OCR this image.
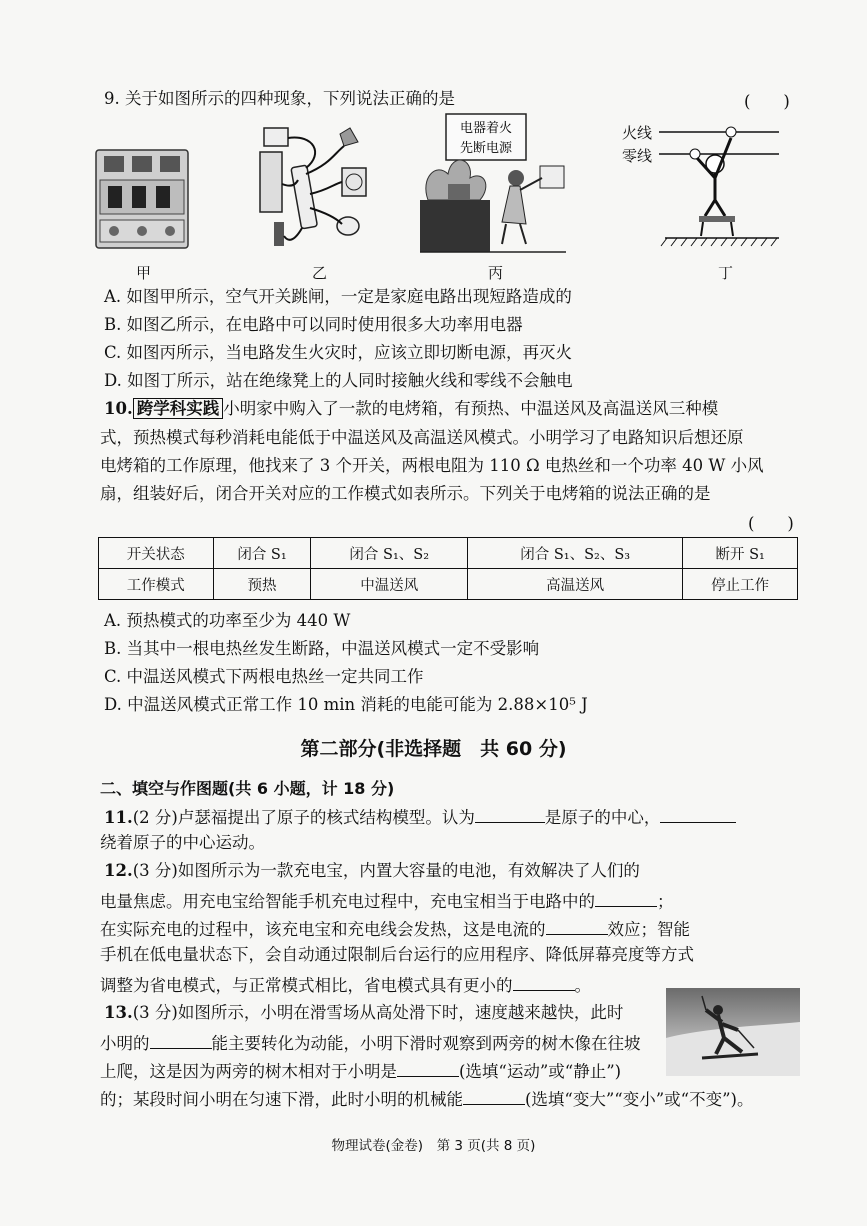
9. 关于如图所示的四种现象，下列说法正确的是	(　　)
甲	乙
电器着火
先断电源
丙
火线
零线
丁
A. 如图甲所示，空气开关跳闸，一定是家庭电路出现短路造成的
B. 如图乙所示，在电路中可以同时使用很多大功率用电器
C. 如图丙所示，当电路发生火灾时，应该立即切断电源，再灭火
D. 如图丁所示，站在绝缘凳上的人同时接触火线和零线不会触电
10. 跨学科实践 小明家中购入了一款的电烤箱，有预热、中温送风及高温送风三种模
式，预热模式每秒消耗电能低于中温送风及高温送风模式。小明学习了电路知识后想还原
电烤箱的工作原理，他找来了 3 个开关，两根电阻为 110 Ω 电热丝和一个功率 40 W 小风
扇，组装好后，闭合开关对应的工作模式如表所示。下列关于电烤箱的说法正确的是
(　　)
开关状态	闭合 S₁	闭合 S₁、S₂	闭合 S₁、S₂、S₃	断开 S₁
工作模式	预热	中温送风	高温送风	停止工作
A. 预热模式的功率至少为 440 W
B. 当其中一根电热丝发生断路，中温送风模式一定不受影响
C. 中温送风模式下两根电热丝一定共同工作
D. 中温送风模式正常工作 10 min 消耗的电能可能为 2.88×10⁵ J
第二部分(非选择题　共 60 分)
二、填空与作图题(共 6 小题，计 18 分)
11.(2 分)卢瑟福提出了原子的核式结构模型。认为	是原子的中心，
绕着原子的中心运动。
12.(3 分)如图所示为一款充电宝，内置大容量的电池，有效解决了人们的
电量焦虑。用充电宝给智能手机充电过程中，充电宝相当于电路中的	；
在实际充电的过程中，该充电宝和充电线会发热，这是电流的	效应；智能
手机在低电量状态下，会自动通过限制后台运行的应用程序、降低屏幕亮度等方式
调整为省电模式，与正常模式相比，省电模式具有更小的	。
13.(3 分)如图所示，小明在滑雪场从高处滑下时，速度越来越快，此时
小明的	能主要转化为动能，小明下滑时观察到两旁的树木像在往坡
上爬，这是因为两旁的树木相对于小明是	(选填“运动”或“静止”)
的；某段时间小明在匀速下滑，此时小明的机械能	(选填“变大”“变小”或“不变”)。
物理试卷(金卷)　第 3 页(共 8 页)
